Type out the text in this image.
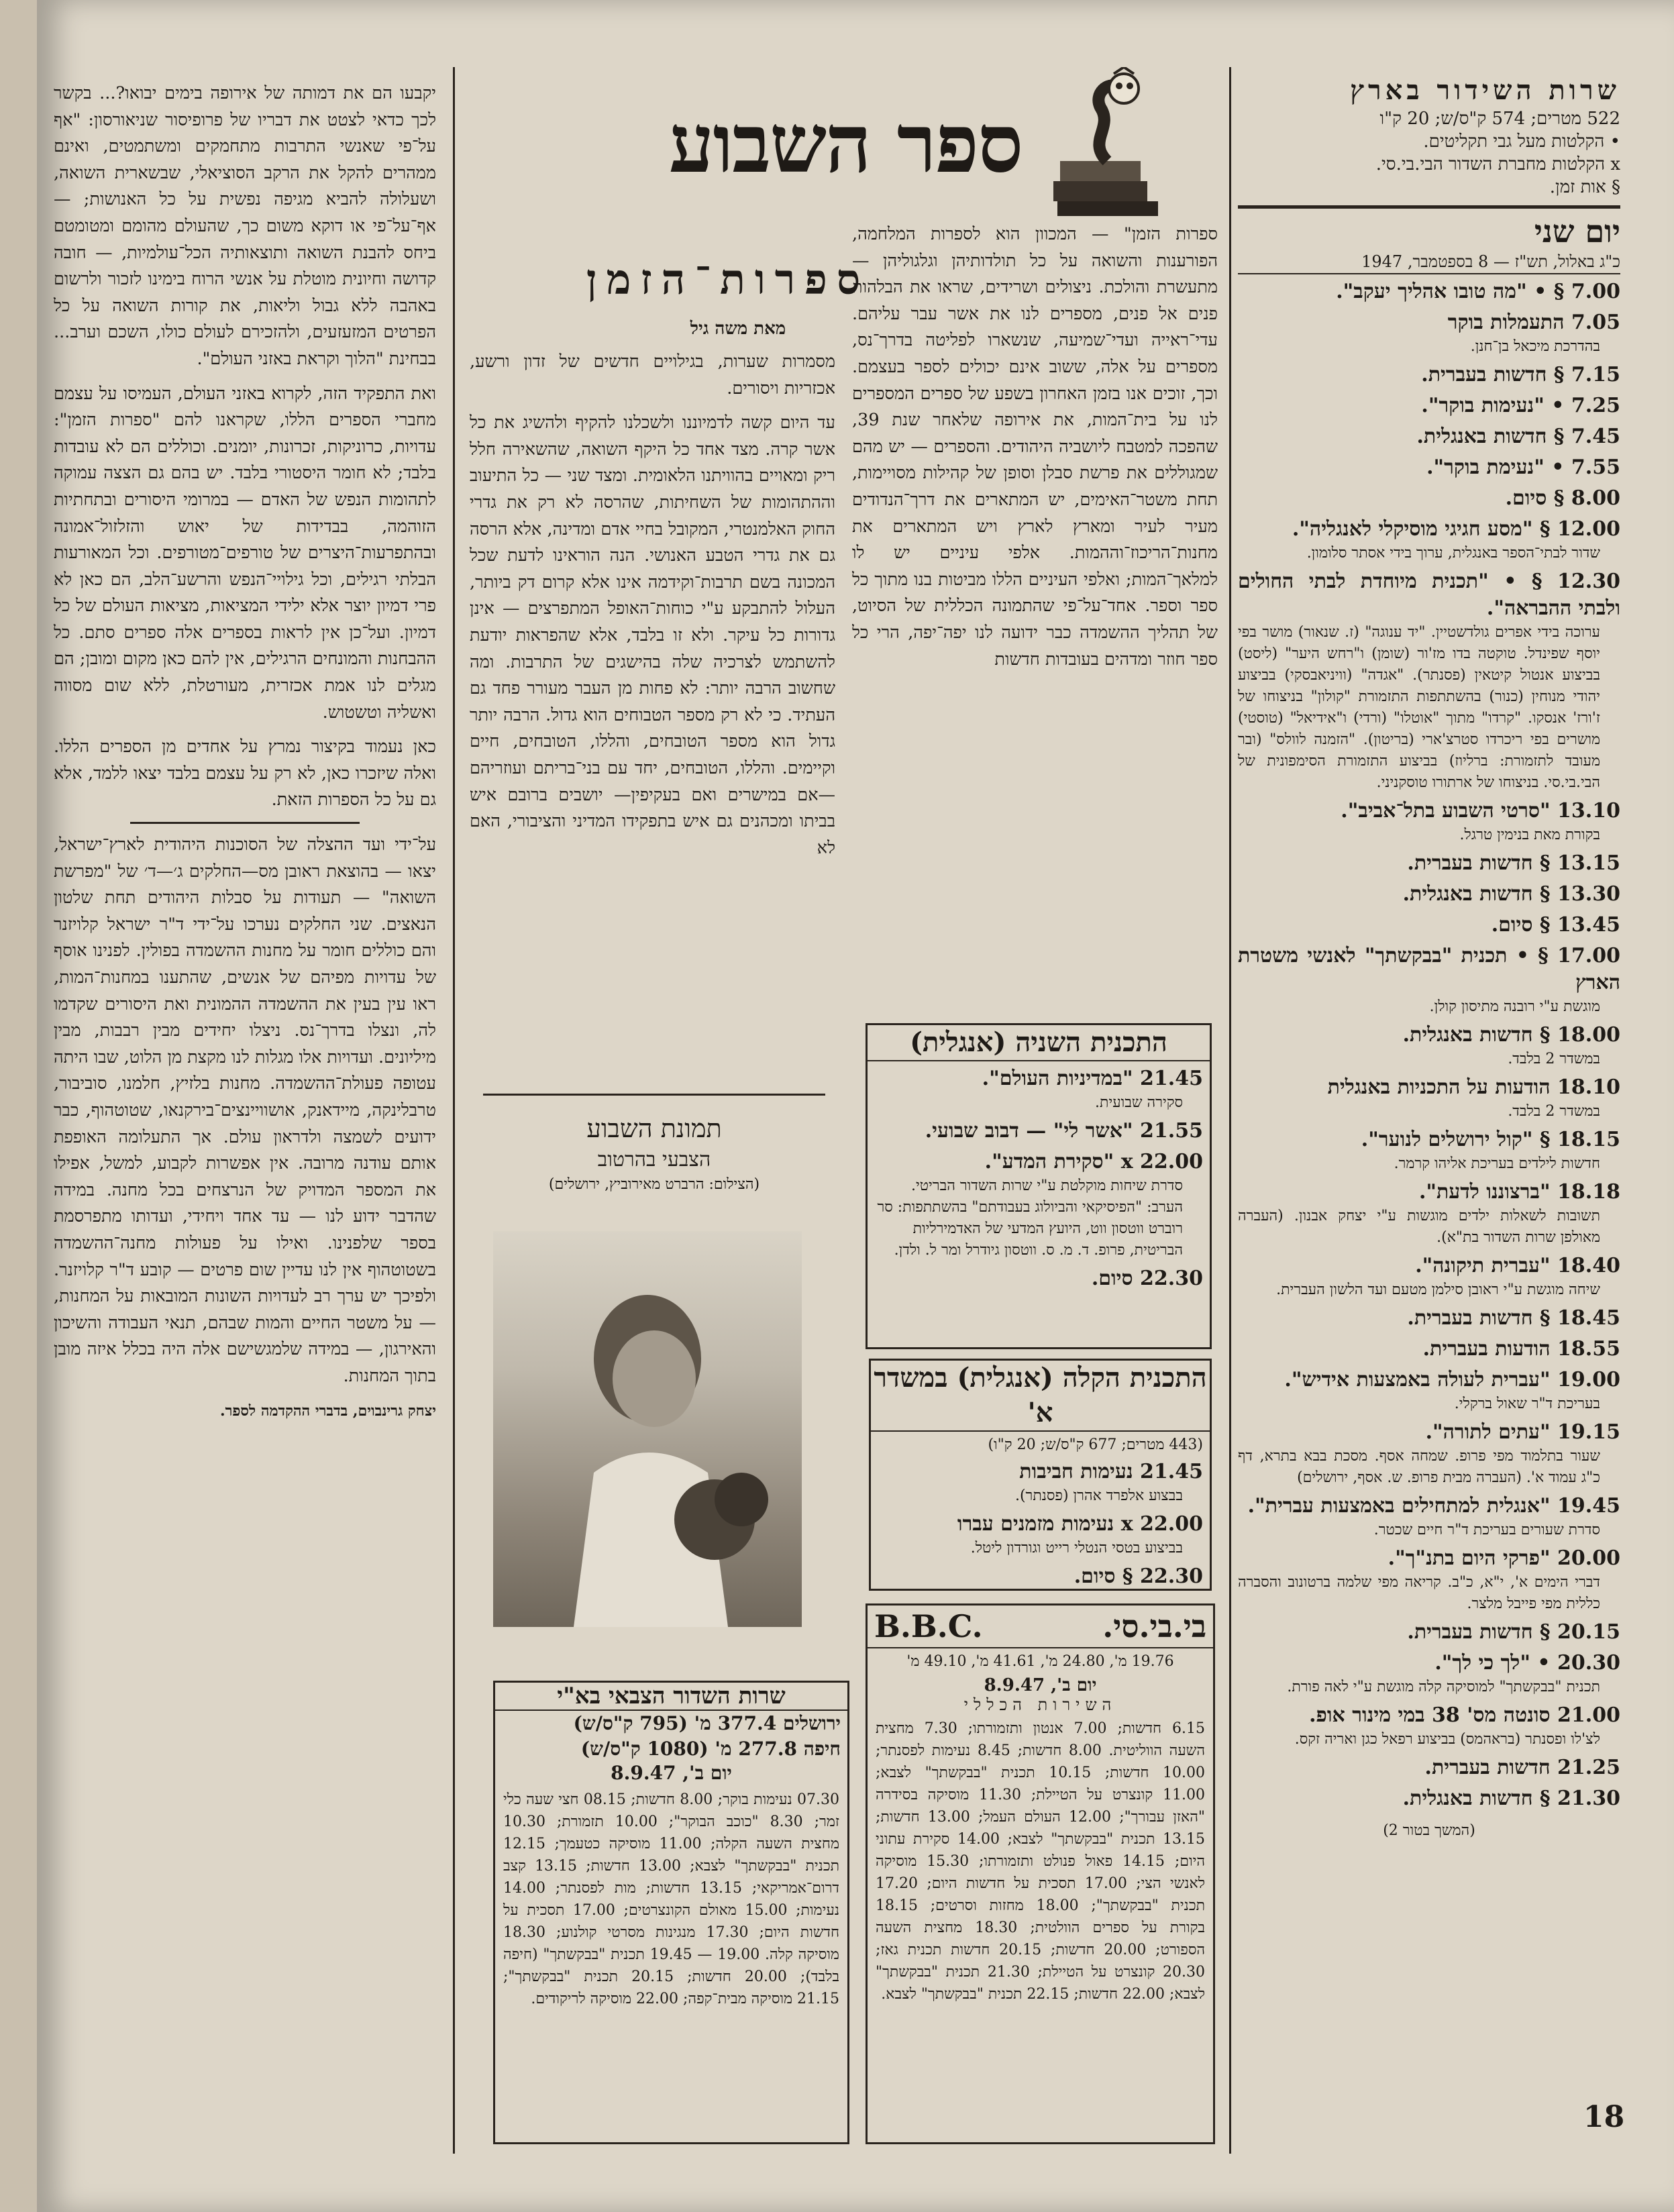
שרות השידור בארץ
522 מטרים; 574 ק"ס/ש; 20 ק"ו
• הקלטות מעל גבי תקליטים.
x הקלטות מחברת השדור הבי.בי.סי.
§ אות זמן.
יום שני
כ"ג באלול, תש"ז — 8 בספטמבר, 1947
7.00 § • "מה טובו אהליך יעקב".
7.05 התעמלות בוקר
בהדרכת מיכאל בן־חנן.
7.15 § חדשות בעברית.
7.25 • "נעימות בוקר".
7.45 § חדשות באנגלית.
7.55 • "נעימת בוקר".
8.00 § סיום.
12.00 § "מסע חגיגי מוסיקלי לאנגליה".
שדור לבתי־הספר באנגלית, ערוך בידי אסתר סלומון.
12.30 § • "תכנית מיוחדת לבתי החולים ולבתי ההבראה".
ערוכה בידי אפרים גולדשטיין. "יד ענוגה" (ז. שנאור) מושר בפי יוסף שפינדל. טוקטה בדו מז'ור (שומן) ו"רחש היער" (ליסט) בביצוע אנטול קיטאין (פסנתר). "אגדה" (וויניאבסקי) בביצוע יהודי מנוחין (כנור) בהשתתפות התזמורת "קולון" בניצוחו של ז'ורז' אנסקו. "קרדו" מתוך "אוטלו" (ורדי) ו"אידיאל" (טוסטי) מושרים בפי ריכרדו סטרצ'ארי (בריטון). "הזמנה לוולס" (ובר מעובד לתזמורת: ברליוז) בביצוע התזמורת הסימפונית של הבי.בי.סי. בניצוחו של ארתורו טוסקניני.
13.10 "סרטי השבוע בתל־אביב".
בקורת מאת בנימין טרגל.
13.15 § חדשות בעברית.
13.30 § חדשות באנגלית.
13.45 § סיום.
17.00 § • תכנית "בבקשתך" לאנשי משטרת הארץ
מוגשת ע"י רובנה מתיסון קולן.
18.00 § חדשות באנגלית.
במשדר 2 בלבד.
18.10 הודעות על התכניות באנגלית
במשדר 2 בלבד.
18.15 § "קול ירושלים לנוער".
חדשות לילדים בעריכת אליהו קרמר.
18.18 "ברצוננו לדעת".
תשובות לשאלות ילדים מוגשות ע"י יצחק אבנון. (העברה מאולפן שרות השדור בת"א).
18.40 "עברית תיקונה".
שיחה מוגשת ע"י ראובן סילמן מטעם ועד הלשון העברית.
18.45 § חדשות בעברית.
18.55 הודעות בעברית.
19.00 "עברית לעולה באמצעות אידיש".
בעריכת ד"ר שאול ברקלי.
19.15 "עתים לתורה".
שעור בתלמוד מפי פרופ. שמחה אסף. מסכת בבא בתרא, דף כ"ג עמוד א'. (העברה מבית פרופ. ש. אסף, ירושלים)
19.45 "אנגלית למתחילים באמצעות עברית".
סדרת שעורים בעריכת ד"ר חיים שכטר.
20.00 "פרקי היום בתנ"ך".
דברי הימים א', י"א, כ"ב. קריאה מפי שלמה ברטונוב והסברה כללית מפי פייבל מלצר.
20.15 § חדשות בעברית.
20.30 • "לך כי לך".
תכנית "בבקשתך" למוסיקה קלה מוגשת ע"י לאה פורת.
21.00 סונטה מס' 38 במי מינור אופ.
לצ'לו ופסנתר (בראהמס) בביצוע רפאל כגן ואריה זקס.
21.25 חדשות בעברית.
21.30 § חדשות באנגלית.
(המשך בטור 2)
18
ספר השבוע
ספרות־הזמן
מאת משה גיל

ספרות הזמן" — המכוון הוא לספרות המלחמה, הפורענות והשואה על כל תולדותיהן וגלגוליהן — מתעשרת והולכת. ניצולים ושרידים, שראו את הבלהות פנים אל פנים, מספרים לנו את אשר עבר עליהם. עדי־ראייה ועדי־שמיעה, שנשארו לפליטה בדרך־נס, מספרים על אלה, ששוב אינם יכולים לספר בעצמם. וכך, זוכים אנו בזמן האחרון בשפע של ספרים המספרים לנו על בית־המות, את אירופה שלאחר שנת 39, שהפכה למטבח ליושביה היהודים. והספרים — יש מהם שמגוללים את פרשת סבלן וסופן של קהילות מסויימות, תחת משטר־האימים, יש המתארים את דרך־הנדודים מעיר לעיר ומארץ לארץ ויש המתארים את מחנות־הריכוז־וההמות. אלפי עיניים יש לו למלאך־המות; ואלפי העיניים הללו מביטות בנו מתוך כל ספר וספר. אחד־על־פי שהתמונה הכללית של הסיוט, של תהליך ההשמדה כבר ידועה לנו יפה־יפה, הרי כל ספר חוזר ומדהים בעובדות חדשות

מסמרות שערות, בגילויים חדשים של זדון ורשע, אכזריות ויסורים.

עד היום קשה לדמיוננו ולשכלנו להקיף ולהשיג את כל אשר קרה. מצד אחד כל היקף השואה, שהשאירה חלל ריק ומאויים בהוויתנו הלאומית. ומצד שני — כל התיעוב וההתהומות של השחיתות, שהרסה לא רק את גדרי החוק האלמנטרי, המקובל בחיי אדם ומדינה, אלא הרסה גם את גדרי הטבע האנושי. הנה הוראינו לדעת שכל המכונה בשם תרבות־וקידמה אינו אלא קרום דק ביותר, העלול להתבקע ע"י כוחות־האופל המתפרצים — אינן גדורות כל עיקר. ולא זו בלבד, אלא שהפראות יודעת להשתמש לצרכיה שלה בהישגים של התרבות. ומה שחשוב הרבה יותר: לא פחות מן העבר מעורר פחד גם העתיד. כי לא רק מספר הטבוחים הוא גדול. הרבה יותר גדול הוא מספר הטובחים, והללו, הטובחים, חיים וקיימים. והללו, הטובחים, יחד עם בני־בריתם ועוזריהם—אם במישרים ואם בעקיפין— יושבים ברובם איש בביתו ומכהנים גם איש בתפקידו המדיני והציבורי, האם לא

תמונת השבוע
הצבעי בהרטוב
(הצילום: הרברט מאירוביץ, ירושלים)
התכנית השניה (אנגלית)
21.45 "במדיניות העולם".
סקירה שבועית.
21.55 "אשר לי" — דבוב שבועי.
22.00 x "סקירת המדע".
סדרת שיחות מוקלטת ע"י שרות השדור הבריטי. הערב: "הפיסיקאי והביולוג בעבודתם" בהשתתפות: סר רוברט ווטסון ווט, היועץ המדעי של האדמירליות הבריטית, פרופ. ד. מ. ס. ווטסון גיודרל ומר ל. ולדן.
22.30 סיום.
התכנית הקלה (אנגלית) במשדר א'
(443 מטרים; 677 ק"ס/ש; 20 ק"ו)
21.45 נעימות חביבות
בבצוע אלפרד אהרן (פסנתר).
22.00 x נעימות מזמנים עברו
בביצוע בטסי הנטלי רייט וגורדון ליטל.
22.30 § סיום.
בי.בי.סי.
B.B.C.
19.76 מ', 24.80 מ', 41.61 מ', 49.10 מ'
יום ב', 8.9.47
השירות הכללי
6.15 חדשות; 7.00 אנטון ותזמורתו; 7.30 מחצית השעה הווליטית. 8.00 חדשות; 8.45 נעימות לפסנתר; 10.00 חדשות; 10.15 תכנית "בבקשתך" לצבא; 11.00 קונצרט על הטיילת; 11.30 מוסיקה בסידרה "האזן עבורך"; 12.00 העולם העמל; 13.00 חדשות; 13.15 תכנית "בבקשתך" לצבא; 14.00 סקירת עתוני היום; 14.15 פאול פנולט ותזמורתו; 15.30 מוסיקה לאנשי הצי; 17.00 תסכית על חדשות היום; 17.20 תכנית "בבקשתך"; 18.00 מחזות וסרטים; 18.15 בקורת על ספרים הוולטית; 18.30 מחצית השעה הספורט; 20.00 חדשות; 20.15 חדשות תכנית גאז; 20.30 קונצרט על הטיילת; 21.30 תכנית "בבקשתך" לצבא; 22.00 חדשות; 22.15 תכנית "בבקשתך" לצבא.
שרות השדור הצבאי בא"י
ירושלים 377.4 מ' (795 ק"ס/ש)
חיפה 277.8 מ' (1080 ק"ס/ש)
יום ב', 8.9.47
07.30 נעימות בוקר; 8.00 חדשות; 08.15 חצי שעה כלי זמר; 8.30 "כוכב הבוקר"; 10.00 תזמורת; 10.30 מחצית השעה הקלה; 11.00 מוסיקה כטעמך; 12.15 תכנית "בבקשתך" לצבא; 13.00 חדשות; 13.15 קצב דרום־אמריקאי; 13.15 חדשות; מות לפסנתר; 14.00 נעימות; 15.00 מאולם הקונצרטים; 17.00 תסכית על חדשות היום; 17.30 מנגינות מסרטי קולנוע; 18.30 מוסיקה קלה. 19.00 — 19.45 תכנית "בבקשתך" (חיפה בלבד); 20.00 חדשות; 20.15 תכנית "בבקשתך"; 21.15 מוסיקה מבית־קפה; 22.00 מוסיקה לריקודים.

יקבעו הם את דמותה של אירופה בימים יבואו?... בקשר לכך כדאי לצטט את דבריו של פרופיסור שניאורסון: "אף על־פי שאנשי התרבות מתחמקים ומשתמטים, ואינם ממהרים להקל את הרקב הסוציאלי, שבשארית השואה, ושעלולה להביא מגיפה נפשית על כל האנושות; — אף־על־פי או דוקא משום כך, שהעולם מהומם ומטומטם ביחס להבנת השואה ותוצאותיה הכל־עולמיות, — חובה קדושה וחיונית מוטלת על אנשי הרוח בימינו לזכור ולרשום באהבה ללא גבול וליאות, את קורות השואה על כל הפרטים המזעזעים, ולהזכירם לעולם כולו, השכם וערב... בבחינת "הלוך וקראת באזני העולם".

ואת התפקיד הזה, לקרוא באזני העולם, העמיסו על עצמם מחברי הספרים הללו, שקראנו להם "ספרות הזמן": עדויות, כרוניקות, זכרונות, יומנים. וכוללים הם לא עובדות בלבד; לא חומר היסטורי בלבד. יש בהם גם הצצה עמוקה לתהומות הנפש של האדם — במרומי היסורים ובתחתיות הזוהמה, בבדידות של יאוש והזלזול־אמונה ובהתפרעות־היצרים של טורפים־מטורפים. וכל המאורעות הבלתי רגילים, וכל גילויי־הנפש והרשע־הלב, הם כאן לא פרי דמיון יוצר אלא ילידי המציאות, מציאות העולם של כל דמיון. ועל־כן אין לראות בספרים אלה ספרים סתם. כל ההבחנות והמונחים הרגילים, אין להם כאן מקום ומובן; הם מגלים לנו אמת אכזרית, מעורטלת, ללא שום מסווה ואשליה וטשטוש.

כאן נעמוד בקיצור נמרץ על אחדים מן הספרים הללו. ואלה שיזכרו כאן, לא רק על עצמם בלבד יצאו ללמד, אלא גם על כל הספרות הזאת.

על־ידי ועד ההצלה של הסוכנות היהודית לארץ־ישראל, יצאו — בהוצאת ראובן מס—החלקים ג׳—ד׳ של "מפרשת השואה" — תעודות על סבלות היהודים תחת שלטון הנאצים. שני החלקים נערכו על־ידי ד"ר ישראל קלויזנר והם כוללים חומר על מחנות ההשמדה בפולין. לפנינו אוסף של עדויות מפיהם של אנשים, שהתענו במחנות־המות, ראו עין בעין את ההשמדה ההמונית ואת היסורים שקדמו לה, ונצלו בדרך־נס. ניצלו יחידים מבין רבבות, מבין מיליונים. ועדויות אלו מגלות לנו מקצת מן הלוט, שבו היתה עטופה פעולת־ההשמדה. מחנות בלזיץ, חלמנו, סוביבור, טרבלינקה, מיידאנק, אושוויינצים־בירקנאו, שטוטהוף, כבר ידועים לשמצה ולדראון עולם. אך התעלומה האופפת אותם עודנה מרובה. אין אפשרות לקבוע, למשל, אפילו את המספר המדויק של הנרצחים בכל מחנה. במידה שהדבר ידוע לנו — עד אחד ויחידי, ועדותו מתפרסמת בספר שלפנינו. ואילו על פעולות מחנה־ההשמדה בשטוטהוף אין לנו עדיין שום פרטים — קובע ד"ר קלויזנר. ולפיכך יש ערך רב לעדויות השונות המובאות על המחנות, — על משטר החיים והמות שבהם, תנאי העבודה והשיכון והאירגון, — במידה שלמגשישם אלה היה בכלל איזה מובן בתוך המחנות.

יצחק גרינבוים, בדברי ההקדמה לספר.
